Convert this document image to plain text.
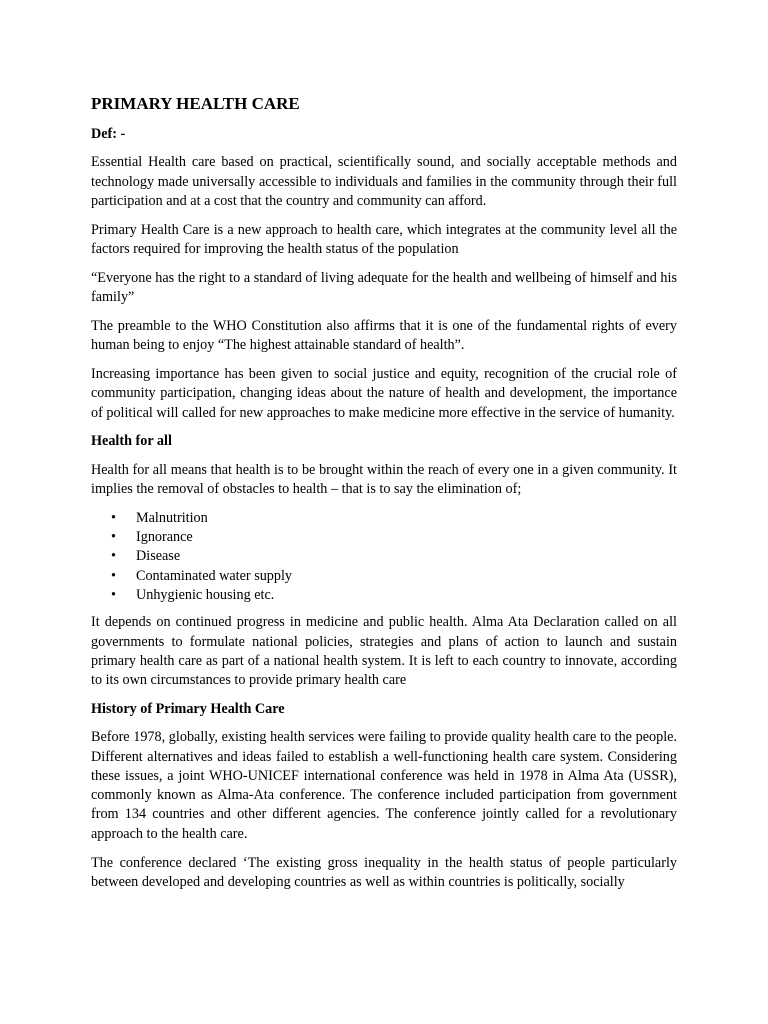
PRIMARY HEALTH CARE
Def: -

Essential Health care based on practical, scientifically sound, and socially acceptable methods and technology made universally accessible to individuals and families in the community through their full participation and at a cost that the country and community can afford.

Primary Health Care is a new approach to health care, which integrates at the community level all the factors required for improving the health status of the population

“Everyone has the right to a standard of living adequate for the health and wellbeing of himself and his family”

The preamble to the WHO Constitution also affirms that it is one of the fundamental rights of every human being to enjoy “The highest attainable standard of health”.

Increasing importance has been given to social justice and equity, recognition of the crucial role of community participation, changing ideas about the nature of health and development, the importance of political will called for new approaches to make medicine more effective in the service of humanity.

Health for all

Health for all means that health is to be brought within the reach of every one in a given community. It implies the removal of obstacles to health – that is to say the elimination of;

• Malnutrition
• Ignorance
• Disease
• Contaminated water supply
• Unhygienic housing etc.

It depends on continued progress in medicine and public health. Alma Ata Declaration called on all governments to formulate national policies, strategies and plans of action to launch and sustain primary health care as part of a national health system. It is left to each country to innovate, according to its own circumstances to provide primary health care

History of Primary Health Care

Before 1978, globally, existing health services were failing to provide quality health care to the people. Different alternatives and ideas failed to establish a well-functioning health care system. Considering these issues, a joint WHO-UNICEF international conference was held in 1978 in Alma Ata (USSR), commonly known as Alma-Ata conference. The conference included participation from government from 134 countries and other different agencies. The conference jointly called for a revolutionary approach to the health care.

The conference declared ‘The existing gross inequality in the health status of people particularly between developed and developing countries as well as within countries is politically, socially
